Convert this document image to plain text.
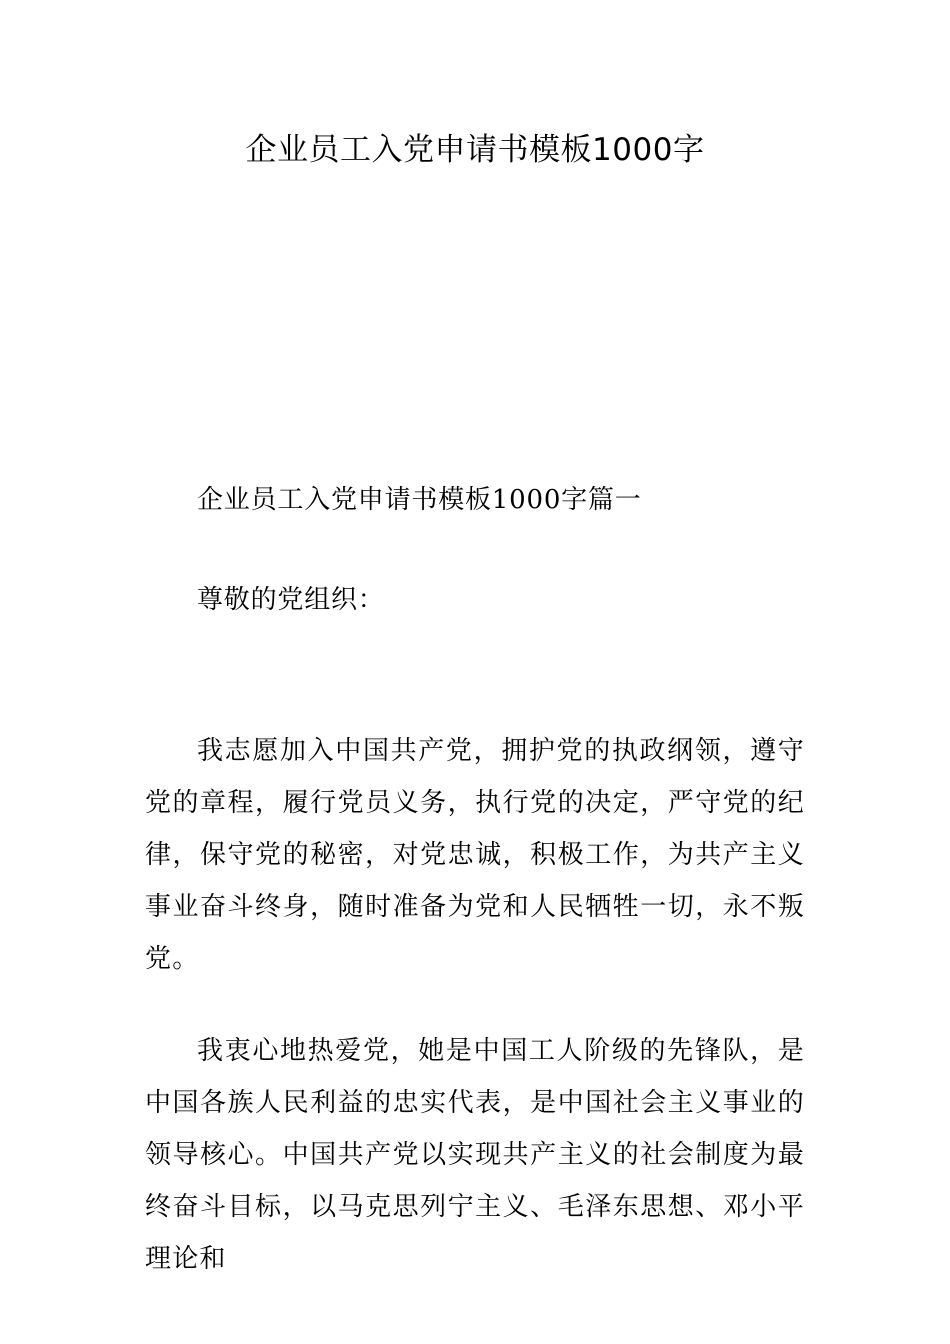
企业员工入党申请书模板1000字

企业员工入党申请书模板1000字篇一

尊敬的党组织：

我志愿加入中国共产党，拥护党的执政纲领，遵守党的章程，履行党员义务，执行党的决定，严守党的纪律，保守党的秘密，对党忠诚，积极工作，为共产主义事业奋斗终身，随时准备为党和人民牺牲一切，永不叛党。

我衷心地热爱党，她是中国工人阶级的先锋队，是中国各族人民利益的忠实代表，是中国社会主义事业的领导核心。中国共产党以实现共产主义的社会制度为最终奋斗目标，以马克思列宁主义、毛泽东思想、邓小平理论和
